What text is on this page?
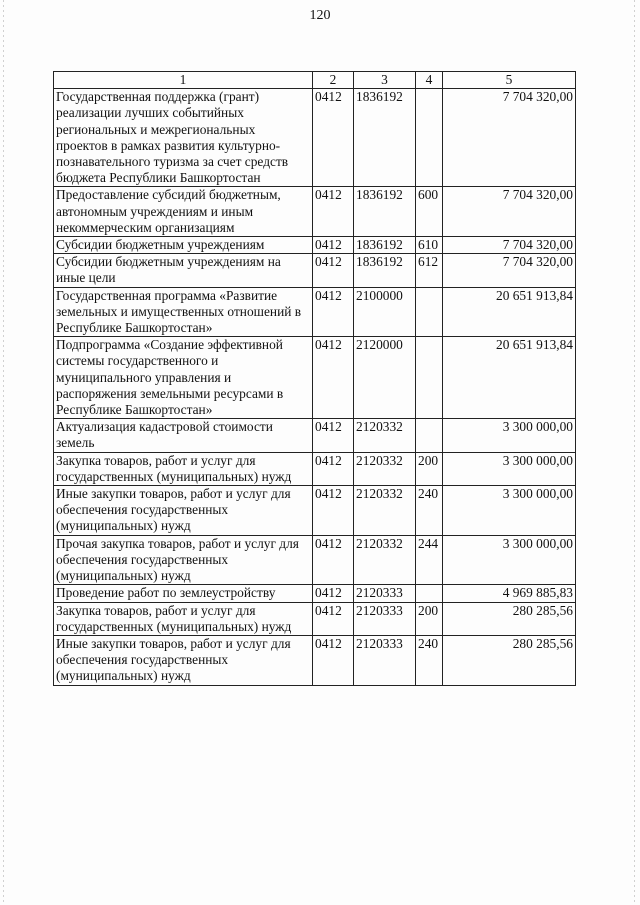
120
1	2	3	4	5
Государственная поддержка (грант) реализации лучших событийных региональных и межрегиональных проектов в рамках развития культурно-познавательного туризма за счет средств бюджета Республики Башкортостан	0412	1836192		7 704 320,00
Предоставление субсидий бюджетным, автономным учреждениям и иным некоммерческим организациям	0412	1836192	600	7 704 320,00
Субсидии бюджетным учреждениям	0412	1836192	610	7 704 320,00
Субсидии бюджетным учреждениям на иные цели	0412	1836192	612	7 704 320,00
Государственная программа «Развитие земельных и имущественных отношений в Республике Башкортостан»	0412	2100000		20 651 913,84
Подпрограмма «Создание эффективной системы государственного и муниципального управления и распоряжения земельными ресурсами в Республике Башкортостан»	0412	2120000		20 651 913,84
Актуализация кадастровой стоимости земель	0412	2120332		3 300 000,00
Закупка товаров, работ и услуг для государственных (муниципальных) нужд	0412	2120332	200	3 300 000,00
Иные закупки товаров, работ и услуг для обеспечения государственных (муниципальных) нужд	0412	2120332	240	3 300 000,00
Прочая закупка товаров, работ и услуг для обеспечения государственных (муниципальных) нужд	0412	2120332	244	3 300 000,00
Проведение работ по землеустройству	0412	2120333		4 969 885,83
Закупка товаров, работ и услуг для государственных (муниципальных) нужд	0412	2120333	200	280 285,56
Иные закупки товаров, работ и услуг для обеспечения государственных (муниципальных) нужд	0412	2120333	240	280 285,56
